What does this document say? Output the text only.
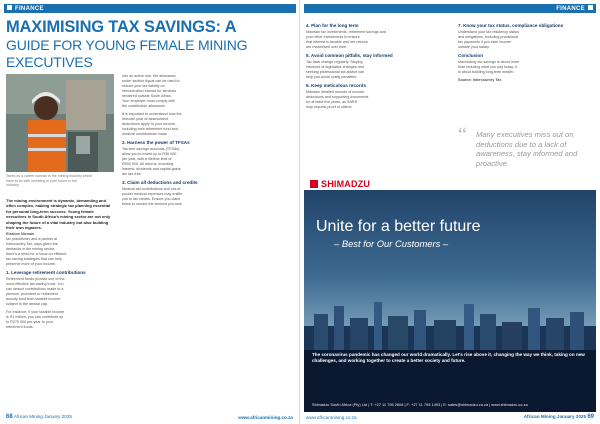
FINANCE
MAXIMISING TAX SAVINGS: A
GUIDE FOR YOUNG FEMALE MINING
EXECUTIVES
Taxes as a career woman in the mining industry which
have to do with investing in your future in the
industry.
The mining environment is dynamic, demanding and often complex, making strategic tax planning essential for personal long-term success. Young female executives in South Africa's mining sector are not only shaping the future of a vital industry but also building their own legacies.

Elzahne Nieman
tax practitioner and a partner at
Intercountry Tax, says given the
demands in the mining sector,
there's a need for a focus on efficient
tax-saving strategies that can help
preserve more of your income.

1. Leverage retirement contributions

Retirement funds provide one of the
most effective tax-saving tools. You
can deduct contributions made to a
pension, provident or retirement
annuity fund from taxable income,
subject to the annual cap.

For instance, if your taxable income
is R1 million, you can contribute up
to R275 000 per year to your
retirement funds.

Into an active role, the allowance
under section 6quat can be used to
reduce your tax liability on
remuneration earned for services
rendered outside South Africa.
Your employer must comply with
the contribution allowance.

It is important to understand how the
relevant year of assessment
deductions apply to your income,
including both retirement fund and
medical contributions made.

2. Harness the power of TFSAs

Tax-free savings accounts (TFSAs)
allow you to invest up to R36 000
per year, with a lifetime limit of
R500 000. All returns, including
interest, dividends and capital gains,
are tax-free.

3. Claim all deductions and credits

Medical aid contributions and out-of-
pocket medical expenses may entitle
you to tax credits. Ensure you claim
these to reduce the amount you owe.

68 African Mining January 2025	www.africanmining.co.za
FINANCE
4. Plan for the long term

Maintain tax investments, retirement savings and
your other investments to ensure
that interest is taxable and net returns
are maximised over time.

5. Avoid common pitfalls, stay informed

Tax laws change regularly. Staying
informed of legislative changes and
seeking professional tax advice can
help you avoid costly penalties.

6. Keep meticulous records

Maintain detailed records of income,
deductions and supporting documents
for at least five years, as SARS
may request proof of claims.

7. Know your tax status, compliance obligations

Understand your tax residency status
and obligations, including provisional
tax payments if you earn income
outside your salary.

Conclusion

Maximising tax savings is about more
than reducing what you pay today; it
is about building long-term wealth.

Source: Intercountry Tax

“	Many executives miss out on deductions due to a lack of awareness, stay informed and proactive.
SHIMADZU
Unite for a better future
– Best for Our Customers –
The coronavirus pandemic has changed our world dramatically. Let's rise above it, changing the way we think, taking on new challenges, and working together to create a better society and future.
Shimadzu South Africa (Pty) Ltd | T: +27 11 795 2608 | F: +27 11 795 1493 | E: sales@shimadzu.co.za | www.shimadzu.co.za
www.africanmining.co.za	African Mining January 2025 69
